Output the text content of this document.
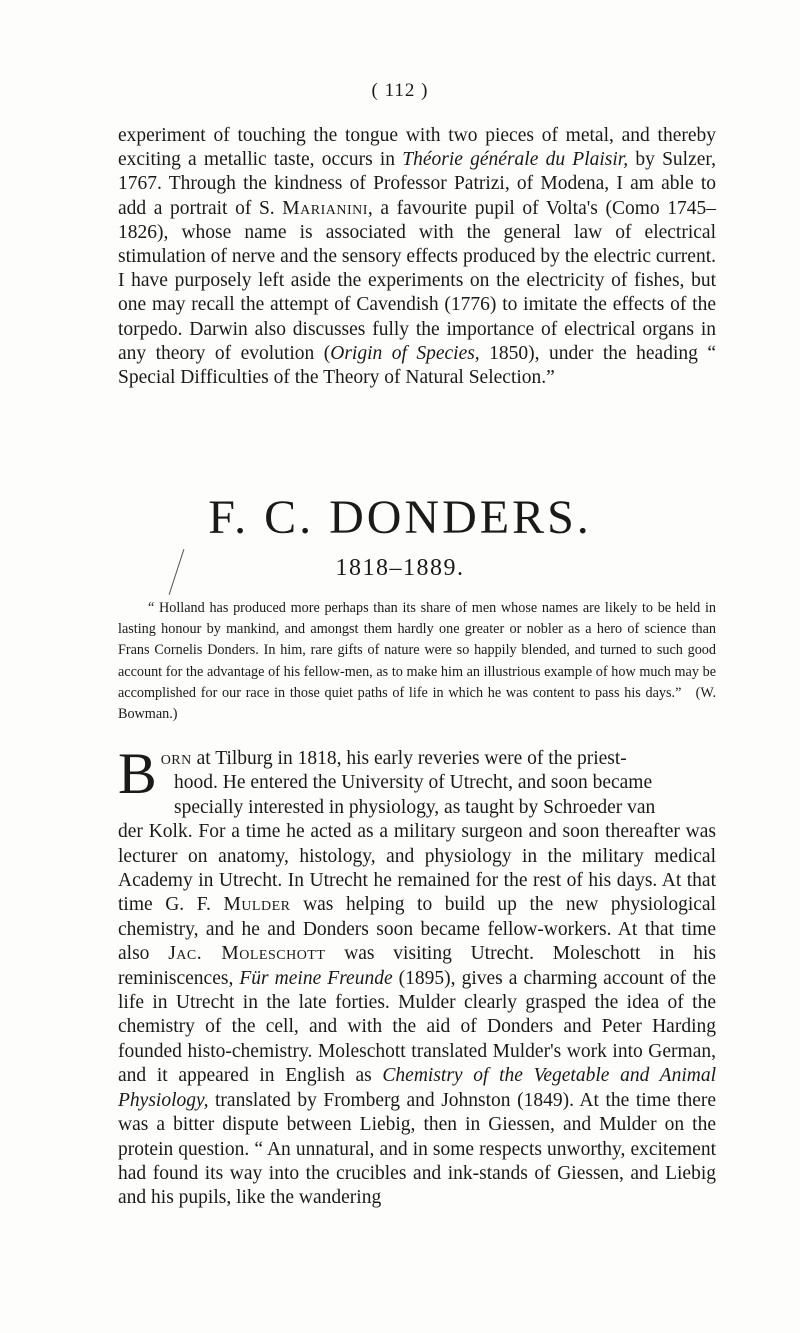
( 112 )

experiment of touching the tongue with two pieces of metal, and thereby exciting a metallic taste, occurs in Théorie générale du Plaisir, by Sulzer, 1767. Through the kindness of Professor Patrizi, of Modena, I am able to add a portrait of S. Marianini, a favourite pupil of Volta's (Como 1745–1826), whose name is associated with the general law of electrical stimulation of nerve and the sensory effects produced by the electric current. I have purposely left aside the experiments on the electricity of fishes, but one may recall the attempt of Cavendish (1776) to imitate the effects of the torpedo. Darwin also discusses fully the importance of electrical organs in any theory of evolution (Origin of Species, 1850), under the heading “ Special Difficulties of the Theory of Natural Selection.”

F. C. DONDERS.
1818–1889.

“ Holland has produced more perhaps than its share of men whose names are likely to be held in lasting honour by mankind, and amongst them hardly one greater or nobler as a hero of science than Frans Cornelis Donders. In him, rare gifts of nature were so happily blended, and turned to such good account for the advantage of his fellow-men, as to make him an illustrious example of how much may be accomplished for our race in those quiet paths of life in which he was content to pass his days.” (W. Bowman.)

B orn at Tilburg in 1818, his early reveries were of the priest-

hood. He entered the University of Utrecht, and soon became

specially interested in physiology, as taught by Schroeder van

der Kolk. For a time he acted as a military surgeon and soon thereafter was lecturer on anatomy, histology, and physiology in the military medical Academy in Utrecht. In Utrecht he remained for the rest of his days. At that time G. F. Mulder was helping to build up the new physiological chemistry, and he and Donders soon became fellow-workers. At that time also Jac. Moleschott was visiting Utrecht. Moleschott in his reminiscences, Für meine Freunde (1895), gives a charming account of the life in Utrecht in the late forties. Mulder clearly grasped the idea of the chemistry of the cell, and with the aid of Donders and Peter Harding founded histo-chemistry. Moleschott translated Mulder's work into German, and it appeared in English as Chemistry of the Vegetable and Animal Physiology, translated by Fromberg and Johnston (1849). At the time there was a bitter dispute between Liebig, then in Giessen, and Mulder on the protein question. “ An unnatural, and in some respects unworthy, excitement had found its way into the crucibles and ink-stands of Giessen, and Liebig and his pupils, like the wandering
